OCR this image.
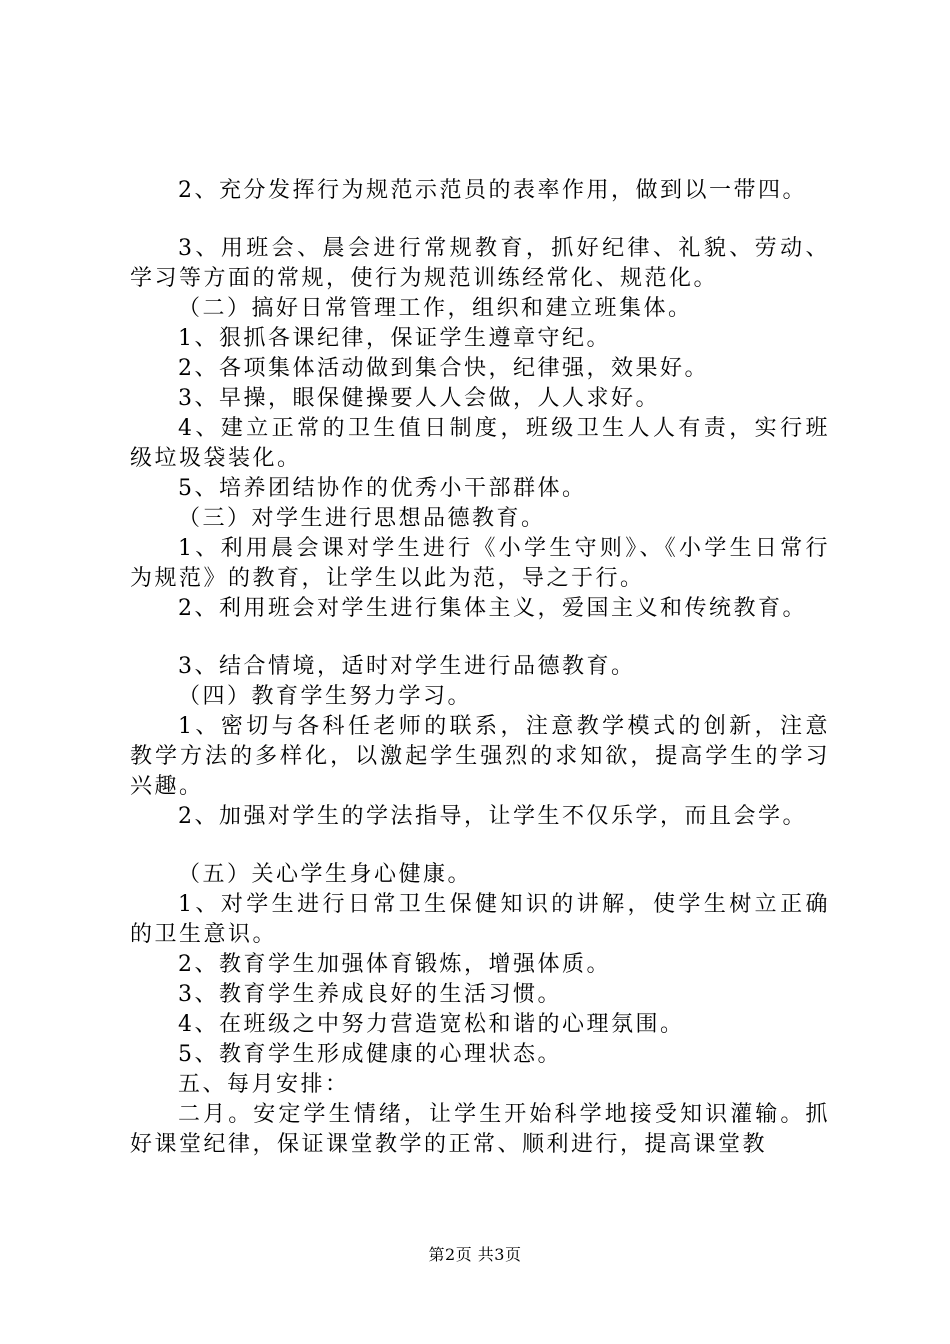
2、充分发挥行为规范示范员的表率作用，做到以一带四。

3、用班会、晨会进行常规教育，抓好纪律、礼貌、劳动、学习等方面的常规，使行为规范训练经常化、规范化。

（二）搞好日常管理工作，组织和建立班集体。

1、狠抓各课纪律，保证学生遵章守纪。

2、各项集体活动做到集合快，纪律强，效果好。

3、早操，眼保健操要人人会做，人人求好。

4、建立正常的卫生值日制度，班级卫生人人有责，实行班级垃圾袋装化。

5、培养团结协作的优秀小干部群体。

（三）对学生进行思想品德教育。

1、利用晨会课对学生进行《小学生守则》、《小学生日常行为规范》的教育，让学生以此为范，导之于行。

2、利用班会对学生进行集体主义，爱国主义和传统教育。

3、结合情境，适时对学生进行品德教育。

（四）教育学生努力学习。

1、密切与各科任老师的联系，注意教学模式的创新，注意教学方法的多样化，以激起学生强烈的求知欲，提高学生的学习兴趣。

2、加强对学生的学法指导，让学生不仅乐学，而且会学。

（五）关心学生身心健康。

1、对学生进行日常卫生保健知识的讲解，使学生树立正确的卫生意识。

2、教育学生加强体育锻炼，增强体质。

3、教育学生养成良好的生活习惯。

4、在班级之中努力营造宽松和谐的心理氛围。

5、教育学生形成健康的心理状态。

五、每月安排：

二月。安定学生情绪，让学生开始科学地接受知识灌输。抓好课堂纪律，保证课堂教学的正常、顺利进行，提高课堂教

第2页 共3页
